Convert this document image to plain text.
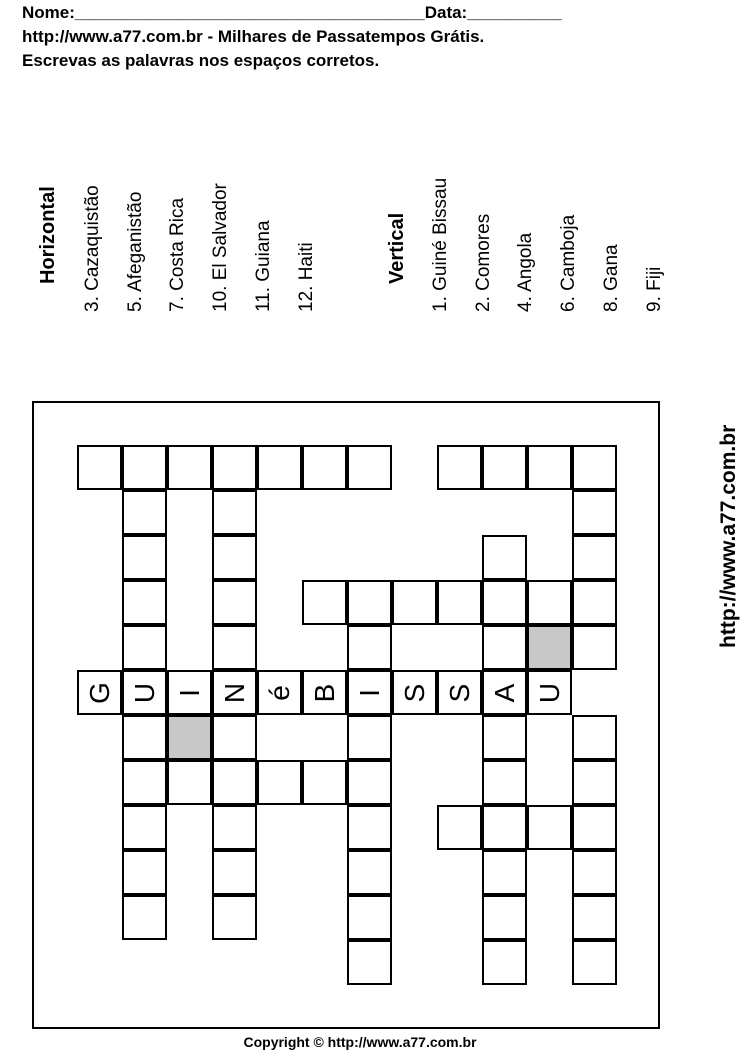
Nome:_____________________________________Data:__________
http://www.a77.com.br - Milhares de Passatempos Grátis.
Escrevas as palavras nos espaços corretos.
Horizontal 3. Cazaquistão 5. Afeganistão 7. Costa Rica 10. El Salvador 11. Guiana 12. Haiti	Vertical 1. Guiné Bissau 2. Comores 4. Angola 6. Camboja 8. Gana 9. Fiji
G U I N é B I S S A U
http://www.a77.com.br
Copyright © http://www.a77.com.br
